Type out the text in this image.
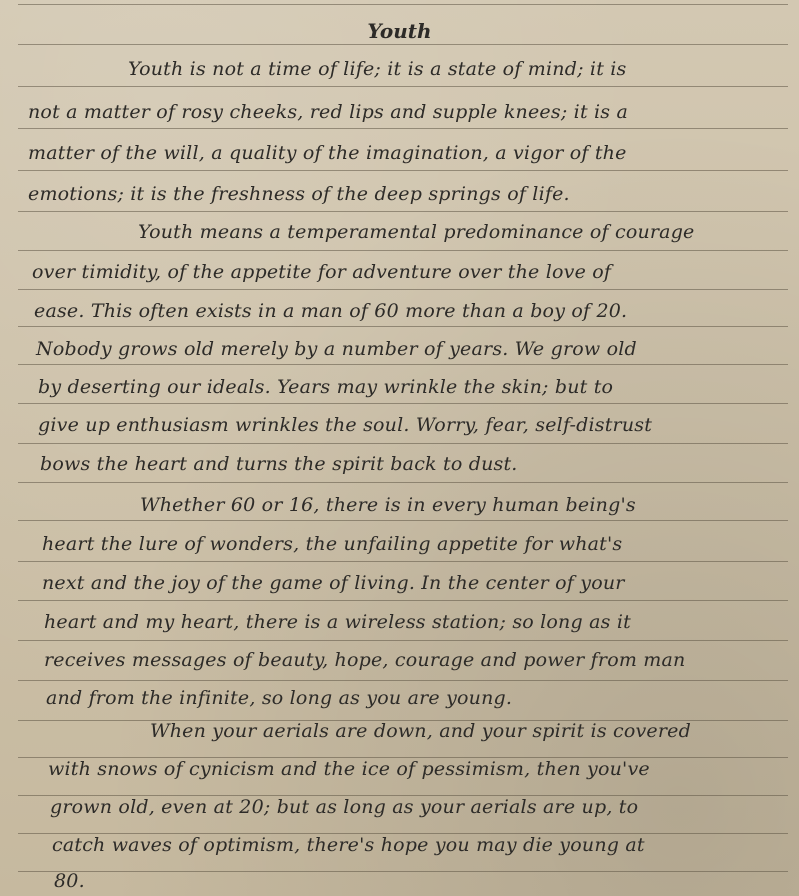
Youth

Youth is not a time of life; it is a state of mind; it is

not a matter of rosy cheeks, red lips and supple knees; it is a

matter of the will, a quality of the imagination, a vigor of the

emotions; it is the freshness of the deep springs of life.

Youth means a temperamental predominance of courage

over timidity, of the appetite for adventure over the love of

ease. This often exists in a man of 60 more than a boy of 20.

Nobody grows old merely by a number of years. We grow old

by deserting our ideals. Years may wrinkle the skin; but to

give up enthusiasm wrinkles the soul. Worry, fear, self-distrust

bows the heart and turns the spirit back to dust.

Whether 60 or 16, there is in every human being's

heart the lure of wonders, the unfailing appetite for what's

next and the joy of the game of living. In the center of your

heart and my heart, there is a wireless station; so long as it

receives messages of beauty, hope, courage and power from man

and from the infinite, so long as you are young.

When your aerials are down, and your spirit is covered

with snows of cynicism and the ice of pessimism, then you've

grown old, even at 20; but as long as your aerials are up, to

catch waves of optimism, there's hope you may die young at

80.
